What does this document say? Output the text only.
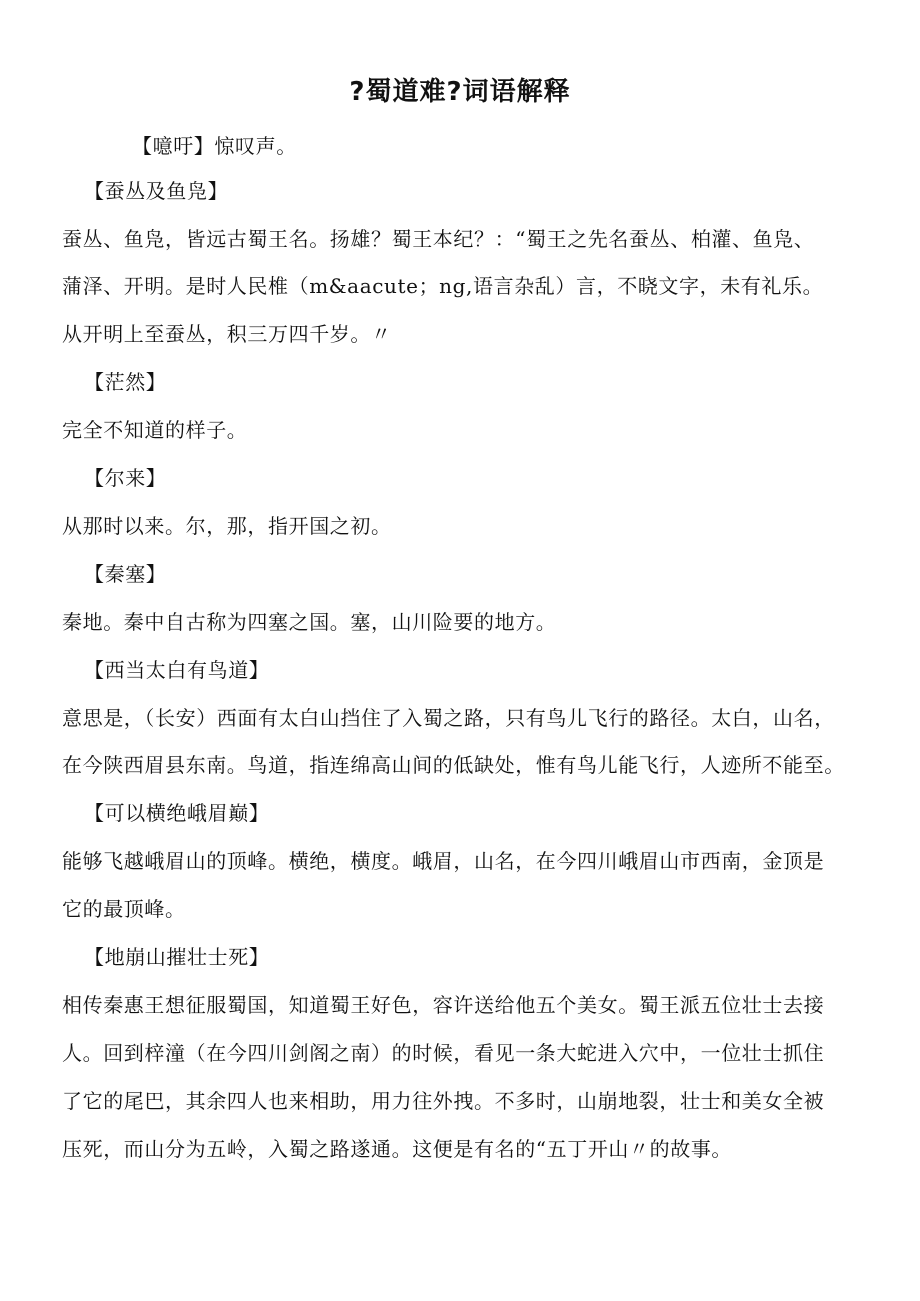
?蜀道难?词语解释
【噫吁】惊叹声。
【蚕丛及鱼凫】
蚕丛、鱼凫，皆远古蜀王名。扬雄？蜀王本纪？：“蜀王之先名蚕丛、柏灌、鱼凫、
蒲泽、开明。是时人民椎（m&aacute；ng,语言杂乱）言，不晓文字，未有礼乐。
从开明上至蚕丛，积三万四千岁。〃
【茫然】
完全不知道的样子。
【尔来】
从那时以来。尔，那，指开国之初。
【秦塞】
秦地。秦中自古称为四塞之国。塞，山川险要的地方。
【西当太白有鸟道】
意思是，（长安）西面有太白山挡住了入蜀之路，只有鸟儿飞行的路径。太白，山名，
在今陕西眉县东南。鸟道，指连绵高山间的低缺处，惟有鸟儿能飞行，人迹所不能至。
【可以横绝峨眉巅】
能够飞越峨眉山的顶峰。横绝，横度。峨眉，山名，在今四川峨眉山市西南，金顶是
它的最顶峰。
【地崩山摧壮士死】
相传秦惠王想征服蜀国，知道蜀王好色，容许送给他五个美女。蜀王派五位壮士去接
人。回到梓潼（在今四川剑阁之南）的时候，看见一条大蛇进入穴中，一位壮士抓住
了它的尾巴，其余四人也来相助，用力往外拽。不多时，山崩地裂，壮士和美女全被
压死，而山分为五岭，入蜀之路遂通。这便是有名的“五丁开山〃的故事。
